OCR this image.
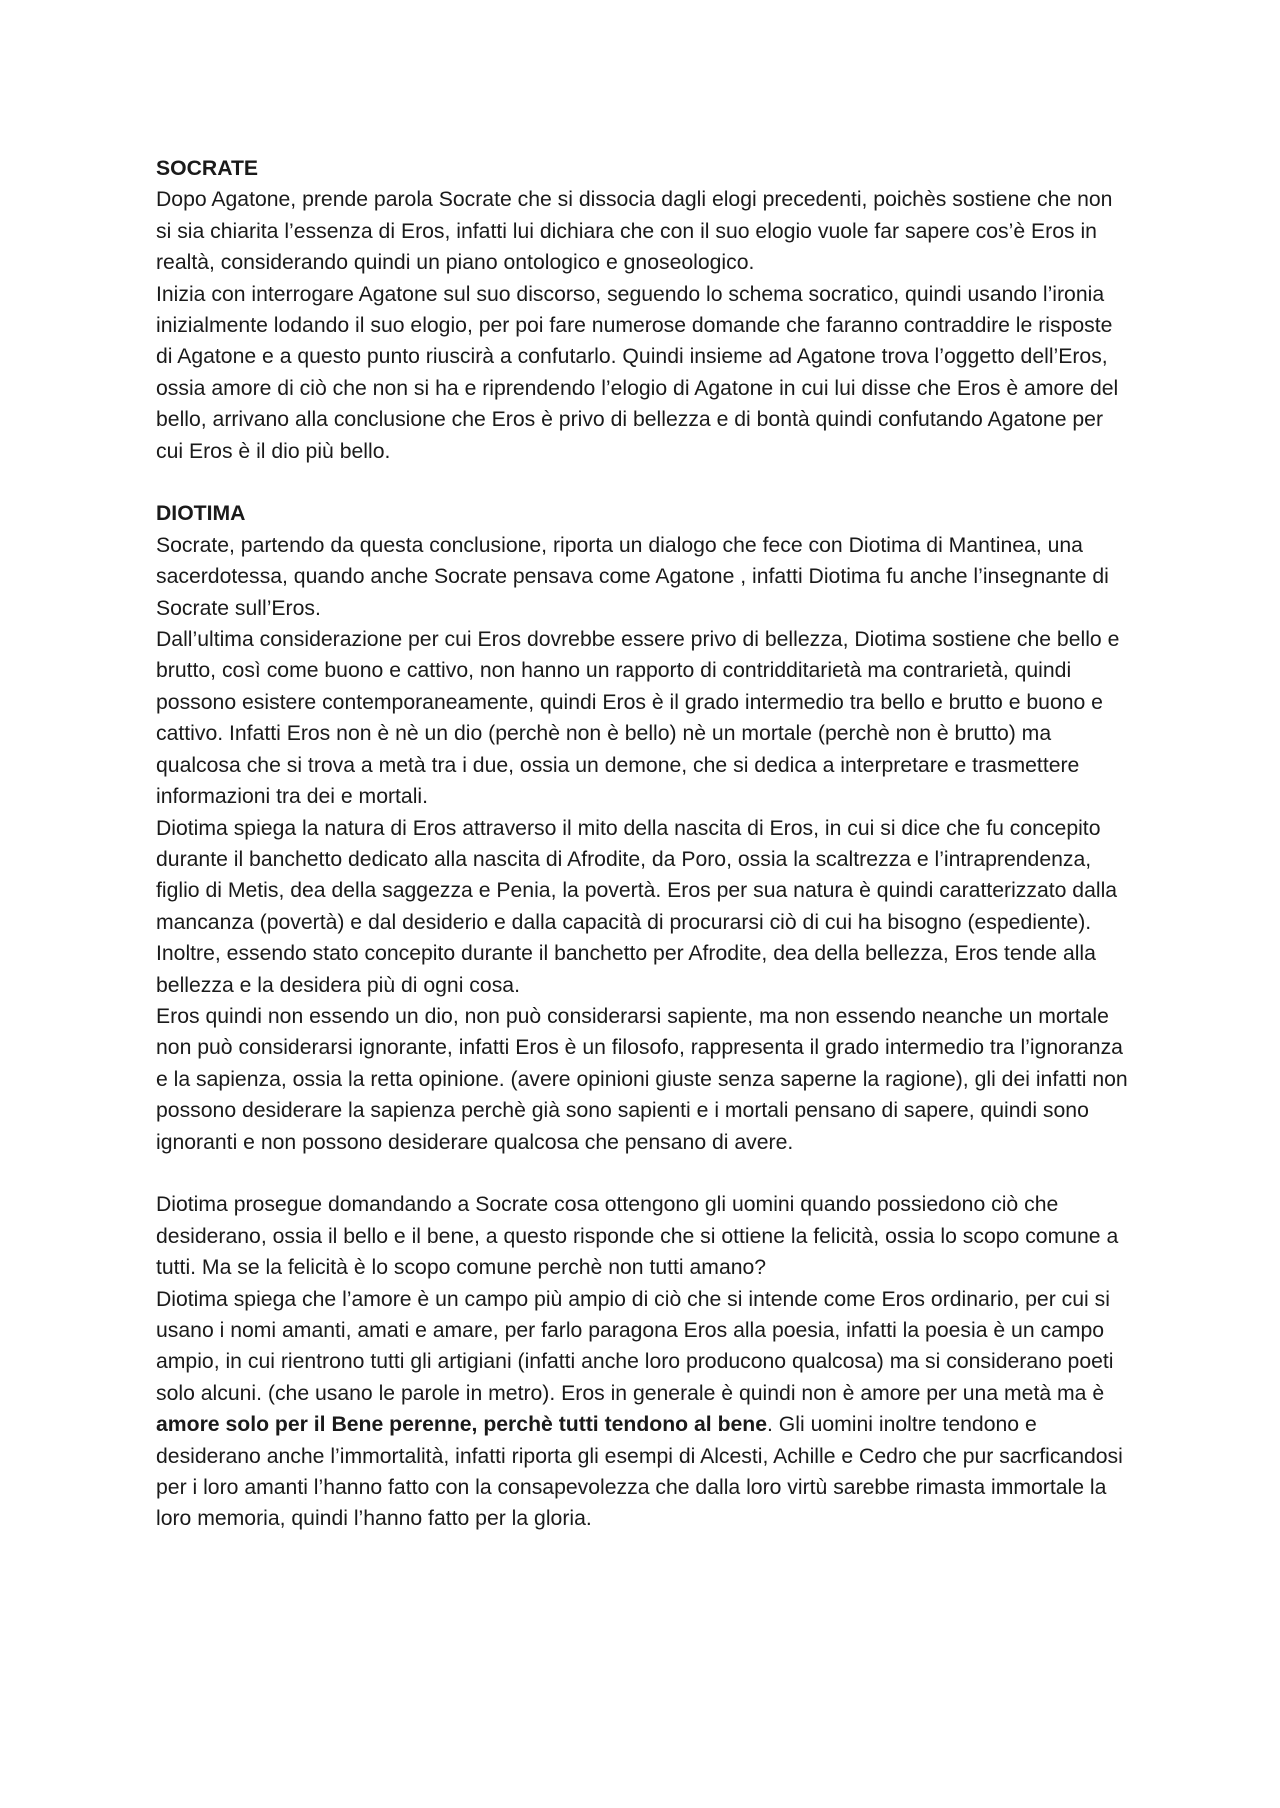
SOCRATE

Dopo Agatone, prende parola Socrate che si dissocia dagli elogi precedenti, poichès sostiene che non si sia chiarita l’essenza di Eros, infatti lui dichiara che con il suo elogio vuole far sapere cos’è Eros in realtà, considerando quindi un piano ontologico e gnoseologico.

Inizia con interrogare Agatone sul suo discorso, seguendo lo schema socratico, quindi usando l’ironia inizialmente lodando il suo elogio, per poi fare numerose domande che faranno contraddire le risposte di Agatone e a questo punto riuscirà a confutarlo. Quindi insieme ad Agatone trova l’oggetto dell’Eros, ossia amore di ciò che non si ha e riprendendo l’elogio di Agatone in cui lui disse che Eros è amore del bello, arrivano alla conclusione che Eros è privo di bellezza e di bontà quindi confutando Agatone per cui Eros è il dio più bello.

DIOTIMA

Socrate, partendo da questa conclusione, riporta un dialogo che fece con Diotima di Mantinea, una sacerdotessa, quando anche Socrate pensava come Agatone , infatti Diotima fu anche l’insegnante di Socrate sull’Eros.

Dall’ultima considerazione per cui Eros dovrebbe essere privo di bellezza, Diotima sostiene che bello e brutto, così come buono e cattivo, non hanno un rapporto di contridditarietà ma contrarietà, quindi possono esistere contemporaneamente, quindi Eros è il grado intermedio tra bello e brutto e buono e cattivo. Infatti Eros non è nè un dio (perchè non è bello) nè un mortale (perchè non è brutto) ma qualcosa che si trova a metà tra i due, ossia un demone, che si dedica a interpretare e trasmettere informazioni tra dei e mortali.

Diotima spiega la natura di Eros attraverso il mito della nascita di Eros, in cui si dice che fu concepito durante il banchetto dedicato alla nascita di Afrodite, da Poro, ossia la scaltrezza e l’intraprendenza, figlio di Metis, dea della saggezza e Penia, la povertà. Eros per sua natura è quindi caratterizzato dalla mancanza (povertà) e dal desiderio e dalla capacità di procurarsi ciò di cui ha bisogno (espediente). Inoltre, essendo stato concepito durante il banchetto per Afrodite, dea della bellezza, Eros tende alla bellezza e la desidera più di ogni cosa.

Eros quindi non essendo un dio, non può considerarsi sapiente, ma non essendo neanche un mortale non può considerarsi ignorante, infatti Eros è un filosofo, rappresenta il grado intermedio tra l’ignoranza e la sapienza, ossia la retta opinione. (avere opinioni giuste senza saperne la ragione), gli dei infatti non possono desiderare la sapienza perchè già sono sapienti e i mortali pensano di sapere, quindi sono ignoranti e non possono desiderare qualcosa che pensano di avere.

Diotima prosegue domandando a Socrate cosa ottengono gli uomini quando possiedono ciò che desiderano, ossia il bello e il bene, a questo risponde che si ottiene la felicità, ossia lo scopo comune a tutti. Ma se la felicità è lo scopo comune perchè non tutti amano?

Diotima spiega che l’amore è un campo più ampio di ciò che si intende come Eros ordinario, per cui si usano i nomi amanti, amati e amare, per farlo paragona Eros alla poesia, infatti la poesia è un campo ampio, in cui rientrono tutti gli artigiani (infatti anche loro producono qualcosa) ma si considerano poeti solo alcuni. (che usano le parole in metro). Eros in generale è quindi non è amore per una metà ma è amore solo per il Bene perenne, perchè tutti tendono al bene. Gli uomini inoltre tendono e desiderano anche l’immortalità, infatti riporta gli esempi di Alcesti, Achille e Cedro che pur sacrficandosi per i loro amanti l’hanno fatto con la consapevolezza che dalla loro virtù sarebbe rimasta immortale la loro memoria, quindi l’hanno fatto per la gloria.
